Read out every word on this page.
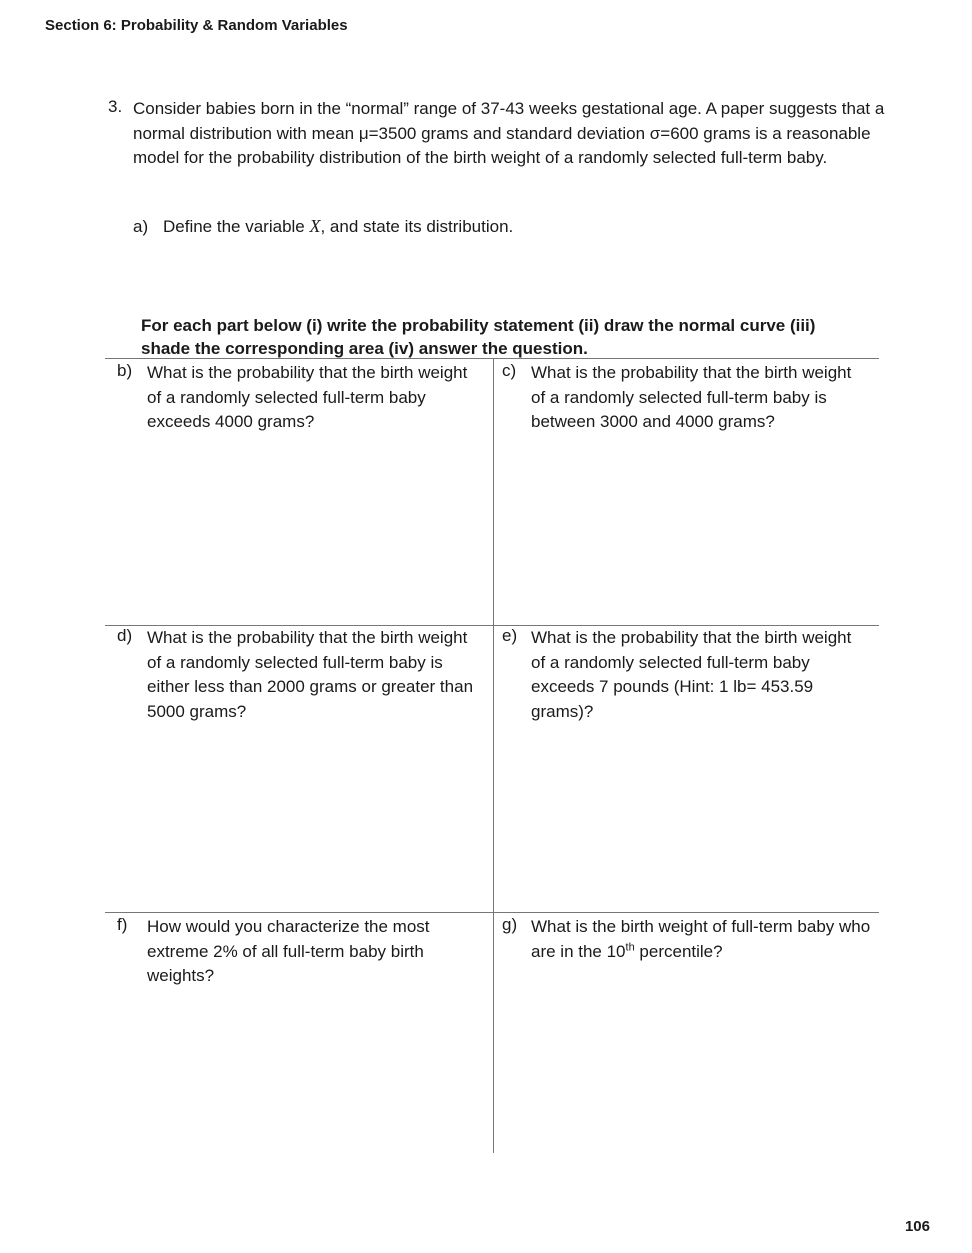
Section 6: Probability & Random Variables
3. Consider babies born in the “normal” range of 37-43 weeks gestational age. A paper suggests that a normal distribution with mean μ=3500 grams and standard deviation σ=600 grams is a reasonable model for the probability distribution of the birth weight of a randomly selected full-term baby.
a) Define the variable X, and state its distribution.
For each part below (i) write the probability statement (ii) draw the normal curve (iii) shade the corresponding area (iv) answer the question.
b) What is the probability that the birth weight of a randomly selected full-term baby exceeds 4000 grams?
c) What is the probability that the birth weight of a randomly selected full-term baby is between 3000 and 4000 grams?
d) What is the probability that the birth weight of a randomly selected full-term baby is either less than 2000 grams or greater than 5000 grams?
e) What is the probability that the birth weight of a randomly selected full-term baby exceeds 7 pounds (Hint: 1 lb= 453.59 grams)?
f) How would you characterize the most extreme 2% of all full-term baby birth weights?
g) What is the birth weight of full-term baby who are in the 10th percentile?
106
